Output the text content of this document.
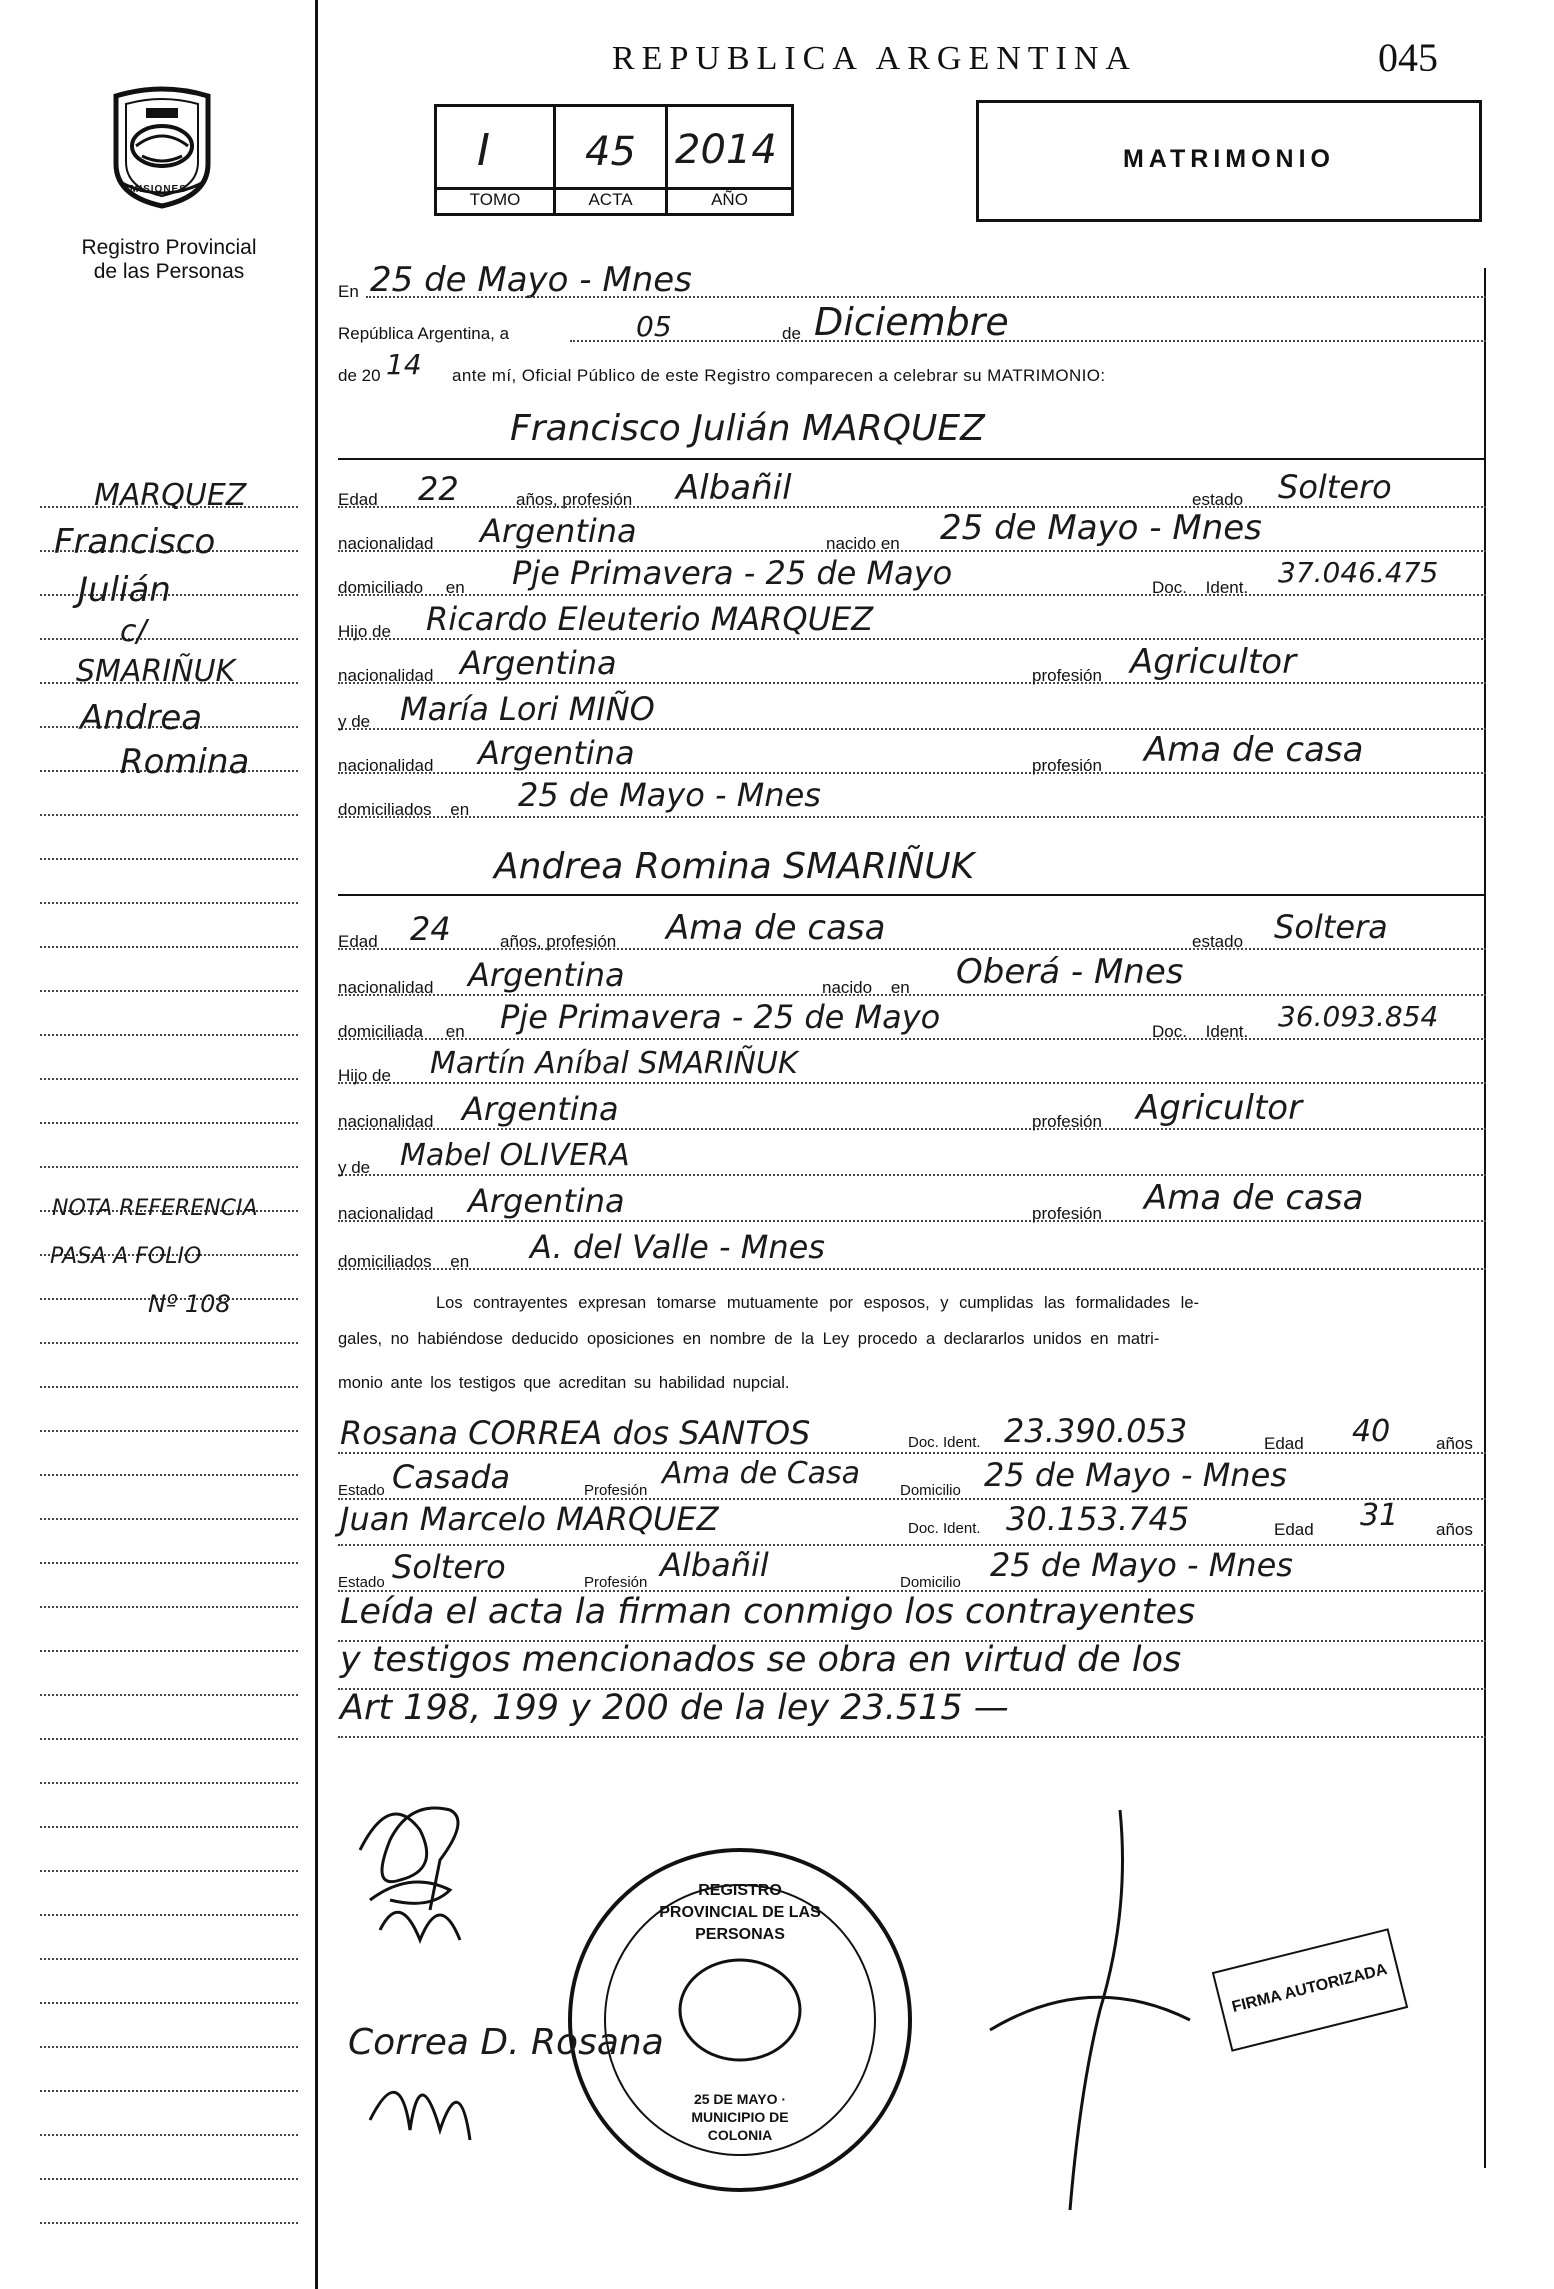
045
REPUBLICA ARGENTINA
MISIONES
Registro Provincial
de las Personas
I 45 2014
TOMO	ACTA	AÑO
MATRIMONIO
MARQUEZ
Francisco
Julián
c/
SMARIÑUK
Andrea
Romina
NOTA REFERENCIA
PASA A FOLIO
Nº 108
En 25 de Mayo - Mnes
República Argentina, a	05	de Diciembre
de 20 14 ante mí, Oficial Público de este Registro comparecen a celebrar su MATRIMONIO:
Francisco Julián MARQUEZ
Edad 22	años, profesión Albañil	estado Soltero
nacionalidad Argentina	nacido en 25 de Mayo - Mnes
domiciliado en Pje Primavera - 25 de Mayo	Doc. Ident. 37.046.475
Hijo de Ricardo Eleuterio MARQUEZ
nacionalidad Argentina	profesión Agricultor
y de María Lori MIÑO
nacionalidad Argentina	profesión Ama de casa
domiciliados en 25 de Mayo - Mnes
Andrea Romina SMARIÑUK
Edad 24	años, profesión Ama de casa	estado Soltera
nacionalidad Argentina	nacido en Oberá - Mnes
domiciliada en Pje Primavera - 25 de Mayo	Doc. Ident. 36.093.854
Hijo de Martín Aníbal SMARIÑUK
nacionalidad Argentina	profesión Agricultor
y de Mabel OLIVERA
nacionalidad Argentina	profesión Ama de casa
domiciliados en A. del Valle - Mnes
Los contrayentes expresan tomarse mutuamente por esposos, y cumplidas las formalidades le-
gales, no habiéndose deducido oposiciones en nombre de la Ley procedo a declararlos unidos en matri-
monio ante los testigos que acreditan su habilidad nupcial.
Rosana CORREA dos SANTOS	Doc. Ident. 23.390.053	Edad 40	años
Estado Casada	Profesión Ama de Casa	Domicilio 25 de Mayo - Mnes
Juan Marcelo MARQUEZ	Doc. Ident. 30.153.745	Edad 31 años
Estado Soltero	Profesión Albañil	Domicilio 25 de Mayo - Mnes
Leída el acta la firman conmigo los contrayentes
y testigos mencionados se obra en virtud de los
Art 198, 199 y 200 de la ley 23.515 —
Correa D. Rosana
REGISTRO PROVINCIAL DE LAS PERSONAS
25 DE MAYO · MUNICIPIO DE COLONIA
FIRMA AUTORIZADA
